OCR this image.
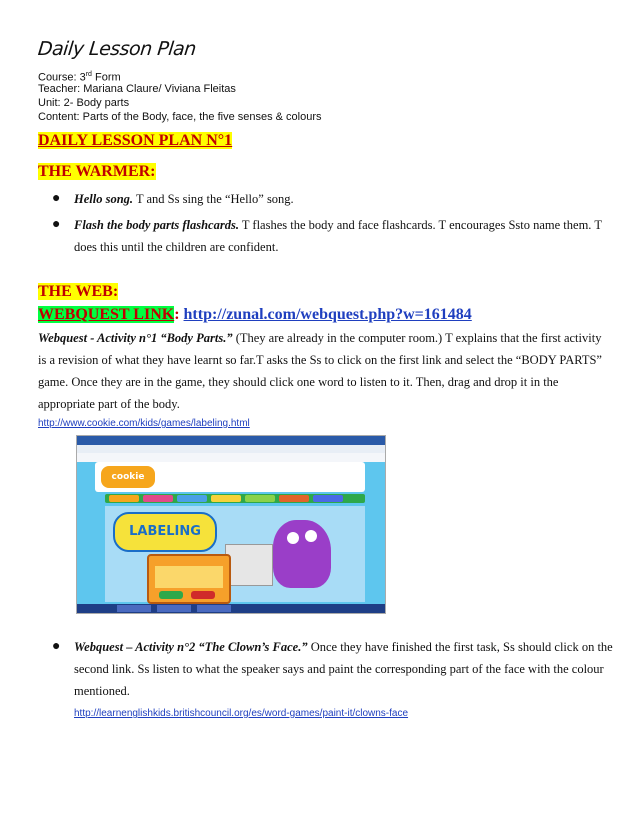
Daily Lesson Plan
Course: 3rd Form
Teacher: Mariana Claure/ Viviana Fleitas
Unit: 2- Body parts
Content: Parts of the Body, face, the five senses & colours
DAILY LESSON PLAN N°1
THE WARMER:
● Hello song. T and Ss sing the “Hello” song.
● Flash the body parts flashcards. T flashes the body and face flashcards. T encourages Ssto name them. T does this until the children are confident.
THE WEB:
WEBQUEST LINK: http://zunal.com/webquest.php?w=161484
Webquest - Activity n°1 “Body Parts.” (They are already in the computer room.) T explains that the first activity is a revision of what they have learnt so far.T asks the Ss to click on the first link and select the “BODY PARTS” game. Once they are in the game, they should click one word to listen to it. Then, drag and drop it in the appropriate part of the body.
http://www.cookie.com/kids/games/labeling.html
cookie
LABELING
● Webquest – Activity n°2 “The Clown’s Face.” Once they have finished the first task, Ss should click on the second link. Ss listen to what the speaker says and paint the corresponding part of the face with the colour mentioned.
http://learnenglishkids.britishcouncil.org/es/word-games/paint-it/clowns-face
